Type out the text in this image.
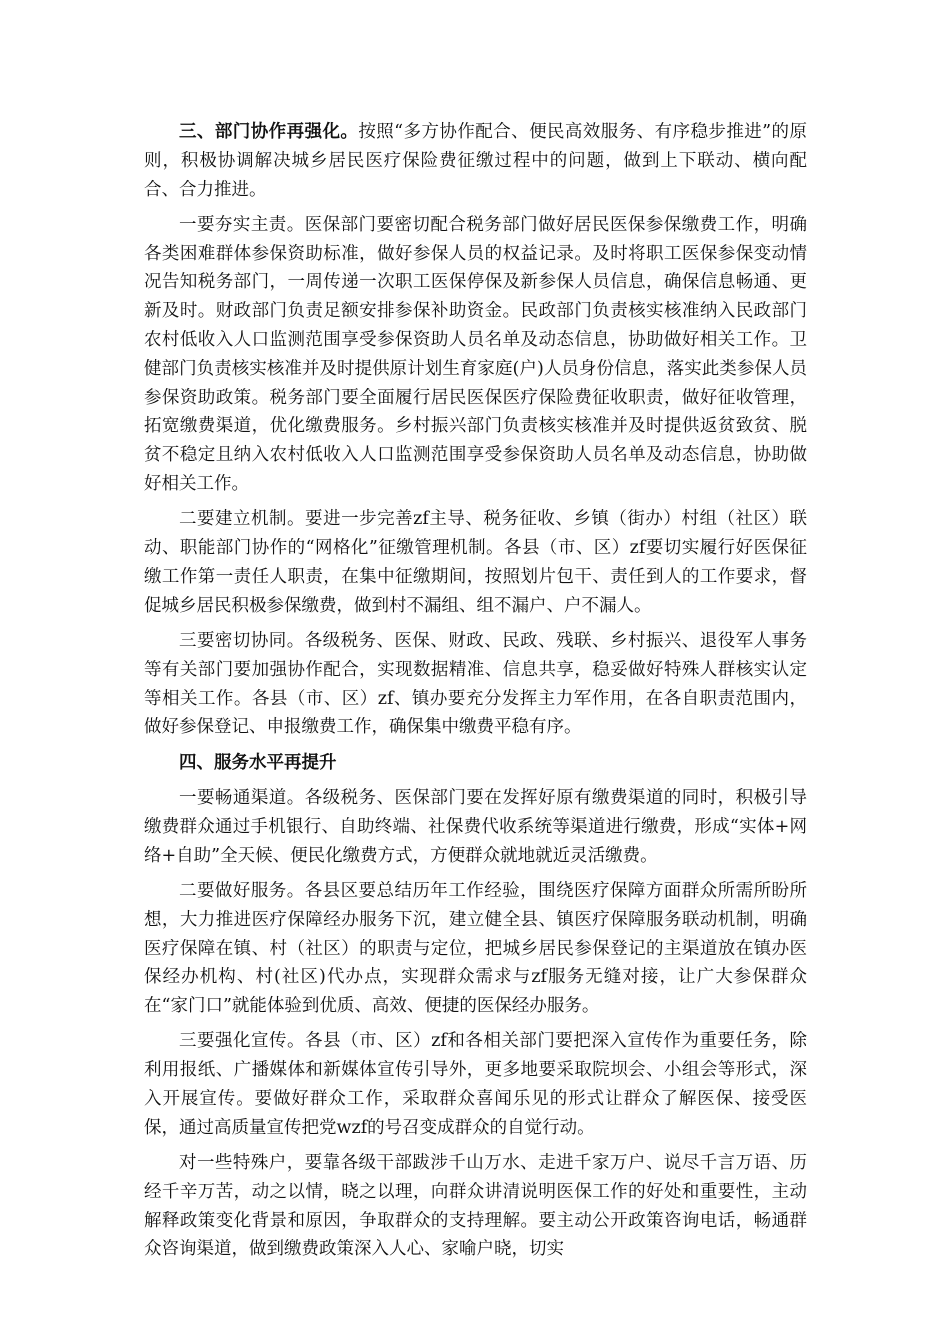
三、部门协作再强化。按照“多方协作配合、便民高效服务、有序稳步推进”的原则，积极协调解决城乡居民医疗保险费征缴过程中的问题，做到上下联动、横向配合、合力推进。

一要夯实主责。医保部门要密切配合税务部门做好居民医保参保缴费工作，明确各类困难群体参保资助标准，做好参保人员的权益记录。及时将职工医保参保变动情况告知税务部门，一周传递一次职工医保停保及新参保人员信息，确保信息畅通、更新及时。财政部门负责足额安排参保补助资金。民政部门负责核实核准纳入民政部门农村低收入人口监测范围享受参保资助人员名单及动态信息，协助做好相关工作。卫健部门负责核实核准并及时提供原计划生育家庭(户)人员身份信息，落实此类参保人员参保资助政策。税务部门要全面履行居民医保医疗保险费征收职责，做好征收管理，拓宽缴费渠道，优化缴费服务。乡村振兴部门负责核实核准并及时提供返贫致贫、脱贫不稳定且纳入农村低收入人口监测范围享受参保资助人员名单及动态信息，协助做好相关工作。

二要建立机制。要进一步完善zf主导、税务征收、乡镇（街办）村组（社区）联动、职能部门协作的“网格化”征缴管理机制。各县（市、区）zf要切实履行好医保征缴工作第一责任人职责，在集中征缴期间，按照划片包干、责任到人的工作要求，督促城乡居民积极参保缴费，做到村不漏组、组不漏户、户不漏人。

三要密切协同。各级税务、医保、财政、民政、残联、乡村振兴、退役军人事务等有关部门要加强协作配合，实现数据精准、信息共享，稳妥做好特殊人群核实认定等相关工作。各县（市、区）zf、镇办要充分发挥主力军作用，在各自职责范围内，做好参保登记、申报缴费工作，确保集中缴费平稳有序。

四、服务水平再提升

一要畅通渠道。各级税务、医保部门要在发挥好原有缴费渠道的同时，积极引导缴费群众通过手机银行、自助终端、社保费代收系统等渠道进行缴费，形成“实体+网络+自助”全天候、便民化缴费方式，方便群众就地就近灵活缴费。

二要做好服务。各县区要总结历年工作经验，围绕医疗保障方面群众所需所盼所想，大力推进医疗保障经办服务下沉，建立健全县、镇医疗保障服务联动机制，明确医疗保障在镇、村（社区）的职责与定位，把城乡居民参保登记的主渠道放在镇办医保经办机构、村(社区)代办点，实现群众需求与zf服务无缝对接，让广大参保群众在“家门口”就能体验到优质、高效、便捷的医保经办服务。

三要强化宣传。各县（市、区）zf和各相关部门要把深入宣传作为重要任务，除利用报纸、广播媒体和新媒体宣传引导外，更多地要采取院坝会、小组会等形式，深入开展宣传。要做好群众工作，采取群众喜闻乐见的形式让群众了解医保、接受医保，通过高质量宣传把党wzf的号召变成群众的自觉行动。

对一些特殊户，要靠各级干部跋涉千山万水、走进千家万户、说尽千言万语、历经千辛万苦，动之以情，晓之以理，向群众讲清说明医保工作的好处和重要性，主动解释政策变化背景和原因，争取群众的支持理解。要主动公开政策咨询电话，畅通群众咨询渠道，做到缴费政策深入人心、家喻户晓，切实
